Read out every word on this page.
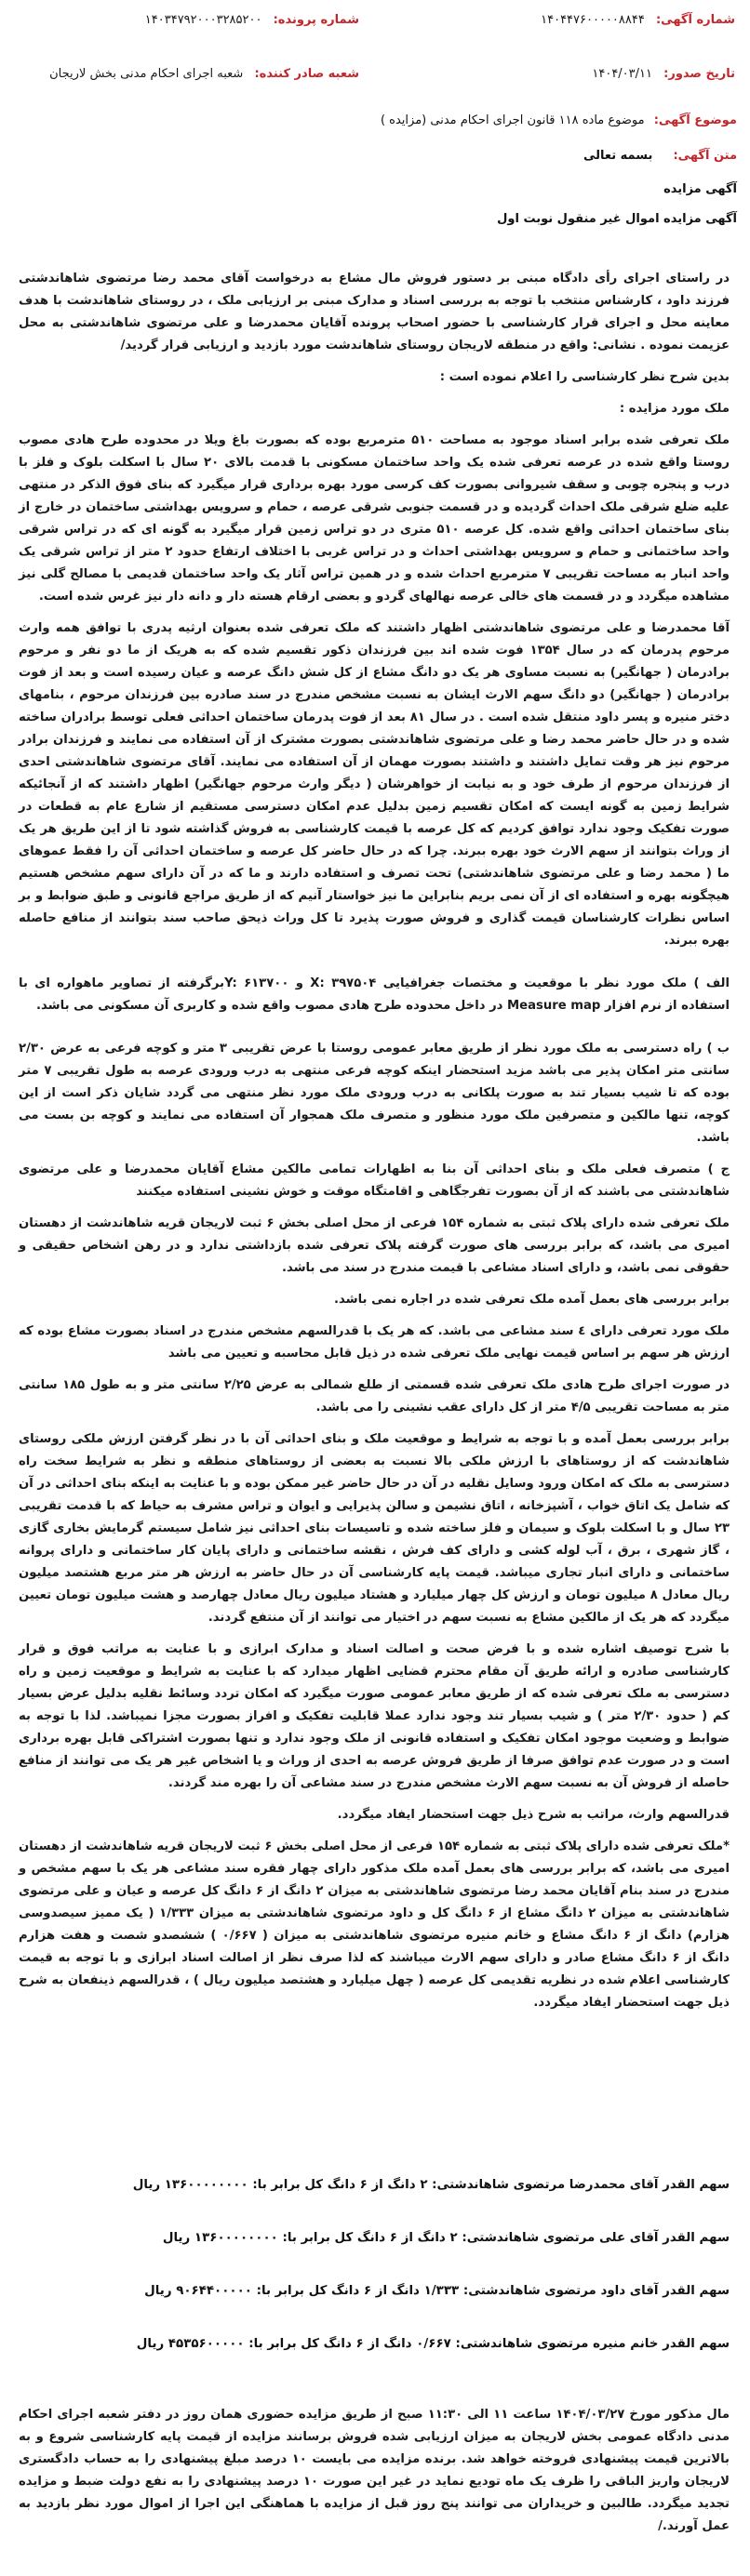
شماره آگهی: ۱۴۰۴۴۷۶۰۰۰۰۰۸۸۴۴
شماره پرونده: ۱۴۰۳۴۷۹۲۰۰۰۳۲۸۵۲۰۰
تاریخ صدور: ۱۴۰۴/۰۳/۱۱
شعبه صادر کننده: شعبه اجرای احکام مدنی بخش لاریجان
موضوع آگهی: موضوع ماده ۱۱۸ قانون اجرای احکام مدنی (مزایده )
متن آگهی: بسمه تعالی
آگهی مزایده
آگهی مزایده اموال غیر منقول نوبت اول

در راستای اجرای رأی دادگاه مبنی بر دستور فروش مال مشاع به درخواست آقای محمد رضا مرتضوی شاهاندشتی فرزند داود ، کارشناس منتخب با توجه به بررسی اسناد و مدارک مبنی بر ارزیابی ملک ، در روستای شاهاندشت با هدف معاینه محل و اجرای قرار کارشناسی با حضور اصحاب پرونده آقایان محمدرضا و علی مرتضوی شاهاندشتی به محل عزیمت نموده . نشانی: واقع در منطقه لاریجان روستای شاهاندشت مورد بازدید و ارزیابی قرار گردید/

بدین شرح نظر کارشناسی را اعلام نموده است :

ملک مورد مزایده :

ملک تعرفی شده برابر اسناد موجود به مساحت ۵۱۰ مترمربع بوده که بصورت باغ ویلا در محدوده طرح هادی مصوب روستا واقع شده در عرصه تعرفی شده یک واحد ساختمان مسکونی با قدمت بالای ۲۰ سال با اسکلت بلوک و فلز با درب و پنجره چوبی و سقف شیروانی بصورت کف کرسی مورد بهره برداری قرار میگیرد که بنای فوق الذکر در منتهی علیه ضلع شرقی ملک احداث گردیده و در قسمت جنوبی شرقی عرصه ، حمام و سرویس بهداشتی ساختمان در خارج از بنای ساختمان احداثی واقع شده. کل عرصه ۵۱۰ متری در دو تراس زمین قرار میگیرد به گونه ای که در تراس شرقی واحد ساختمانی و حمام و سرویس بهداشتی احداث و در تراس غربی با اختلاف ارتفاع حدود ۲ متر از تراس شرقی یک واحد انبار به مساحت تقریبی ۷ مترمربع احداث شده و در همین تراس آثار یک واحد ساختمان قدیمی با مصالح گلی نیز مشاهده میگردد و در قسمت های خالی عرصه نهالهای گردو و بعضی ارقام هسته دار و دانه دار نیز غرس شده است.

آقا محمدرضا و علی مرتضوی شاهاندشتی اظهار داشتند که ملک تعرفی شده بعنوان ارثیه پدری با توافق همه وارث مرحوم پدرمان که در سال ۱۳۵۴ فوت شده اند بین فرزندان ذکور تقسیم شده که به هریک از ما دو نفر و مرحوم برادرمان ( جهانگیر) به نسبت مساوی هر یک دو دانگ مشاع از کل شش دانگ عرصه و عیان رسیده است و بعد از فوت برادرمان ( جهانگیر) دو دانگ سهم الارث ایشان به نسبت مشخص مندرج در سند صادره بین فرزندان مرحوم ، بنامهای دختر منیره و پسر داود منتقل شده است . در سال ۸۱ بعد از فوت پدرمان ساختمان احداثی فعلی توسط برادران ساخته شده و در حال حاضر محمد رضا و علی مرتضوی شاهاندشتی بصورت مشترک از آن استفاده می نمایند و فرزندان برادر مرحوم نیز هر وقت تمایل داشتند و داشتند بصورت مهمان از آن استفاده می نمایند. آقای مرتضوی شاهاندشتی احدی از فرزندان مرحوم از طرف خود و به نیابت از خواهرشان ( دیگر وارث مرحوم جهانگیر) اظهار داشتند که از آنجائیکه شرایط زمین به گونه ایست که امکان تقسیم زمین بدلیل عدم امکان دسترسی مستقیم از شارع عام به قطعات در صورت تفکیک وجود ندارد توافق کردیم که کل عرصه با قیمت کارشناسی به فروش گذاشته شود تا از این طریق هر یک از وراث بتوانند از سهم الارث خود بهره ببرند. چرا که در حال حاضر کل عرصه و ساختمان احداثی آن را فقط عموهای ما ( محمد رضا و علی مرتضوی شاهاندشتی) تحت تصرف و استفاده دارند و ما که در آن دارای سهم مشخص هستیم هیچگونه بهره و استفاده ای از آن نمی بریم بنابراین ما نیز خواستار آنیم که از طریق مراجع قانونی و طبق ضوابط و بر اساس نظرات کارشناسان قیمت گذاری و فروش صورت پذیرد تا کل وراث ذیحق صاحب سند بتوانند از منافع حاصله بهره ببرند.

الف ) ملک مورد نظر با موقعیت و مختصات جغرافیایی X: ۳۹۷۵۰۴ و Y: ۶۱۳۷۰۰برگرفته از تصاویر ماهواره ای با استفاده از نرم افزار Measure map در داخل محدوده طرح هادی مصوب واقع شده و کاربری آن مسکونی می باشد.

ب ) راه دسترسی به ملک مورد نظر از طریق معابر عمومی روستا با عرض تقریبی ۳ متر و کوچه فرعی به عرض ۲/۳۰ سانتی متر امکان پذیر می باشد مزید استحضار اینکه کوچه فرعی منتهی به درب ورودی عرصه به طول تقریبی ۷ متر بوده که تا شیب بسیار تند به صورت پلکانی به درب ورودی ملک مورد نظر منتهی می گردد شایان ذکر است از این کوچه، تنها مالکین و متصرفین ملک مورد منظور و متصرف ملک همجوار آن استفاده می نمایند و کوچه بن بست می باشد.

ج ) متصرف فعلی ملک و بنای احداثی آن بنا به اظهارات تمامی مالکین مشاع آقایان محمدرضا و علی مرتضوی شاهاندشتی می باشند که از آن بصورت تفرجگاهی و اقامتگاه موقت و خوش نشینی استفاده میکنند

ملک تعرفی شده دارای پلاک ثبتی به شماره ۱۵۴ فرعی از محل اصلی بخش ۶ ثبت لاریجان قریه شاهاندشت از دهستان امیری می باشد، که برابر بررسی های صورت گرفته پلاک تعرفی شده بازداشتی ندارد و در رهن اشخاص حقیقی و حقوقی نمی باشد، و دارای اسناد مشاعی با قیمت مندرج در سند می باشد.

برابر بررسی های بعمل آمده ملک تعرفی شده در اجاره نمی باشد.

ملک مورد تعرفی دارای ٤ سند مشاعی می باشد. که هر یک با قدرالسهم مشخص مندرج در اسناد بصورت مشاع بوده که ارزش هر سهم بر اساس قیمت نهایی ملک تعرفی شده در ذیل قابل محاسبه و تعیین می باشد

در صورت اجرای طرح هادی ملک تعرفی شده قسمتی از طلع شمالی به عرض ۲/۲۵ سانتی متر و به طول ۱۸۵ سانتی متر به مساحت تقریبی ۴/۵ متر از کل دارای عقب نشینی را می باشد.

برابر بررسی بعمل آمده و با توجه به شرایط و موقعیت ملک و بنای احداثی آن با در نظر گرفتن ارزش ملکی روستای شاهاندشت که از روستاهای با ارزش ملکی بالا نسبت به بعضی از روستاهای منطقه و نظر به شرایط سخت راه دسترسی به ملک که امکان ورود وسایل نقلیه در آن در حال حاضر غیر ممکن بوده و با عنایت به اینکه بنای احداثی در آن که شامل یک اتاق خواب ، آشپزخانه ، اتاق نشیمن و سالن پذیرایی و ایوان و تراس مشرف به حیاط که با قدمت تقریبی ۲۳ سال و با اسکلت بلوک و سیمان و فلز ساخته شده و تاسیسات بنای احداثی نیز شامل سیستم گرمایش بخاری گازی ، گاز شهری ، برق ، آب لوله کشی و دارای کف فرش ، نقشه ساختمانی و دارای پایان کار ساختمانی و دارای پروانه ساختمانی و دارای انبار تجاری میباشد. قیمت پایه کارشناسی آن در حال حاضر به ارزش هر متر مربع هشتصد میلیون ریال معادل ۸ میلیون تومان و ارزش کل چهار میلیارد و هشتاد میلیون ریال معادل چهارصد و هشت میلیون تومان تعیین میگردد که هر یک از مالکین مشاع به نسبت سهم در اختیار می توانند از آن منتفع گردند.

با شرح توصیف اشاره شده و با فرض صحت و اصالت اسناد و مدارک ابرازی و با عنایت به مراتب فوق و قرار کارشناسی صادره و ارائه طریق آن مقام محترم قضایی اظهار میدارد که با عنایت به شرایط و موقعیت زمین و راه دسترسی به ملک تعرفی شده که از طریق معابر عمومی صورت میگیرد که امکان تردد وسائط نقلیه بدلیل عرض بسیار کم ( حدود ۲/۳۰ متر ) و شیب بسیار تند وجود ندارد عملا قابلیت تفکیک و افراز بصورت مجزا نمیباشد. لذا با توجه به ضوابط و وضعیت موجود امکان تفکیک و استفاده قانونی از ملک وجود ندارد و تنها بصورت اشتراکی قابل بهره برداری است و در صورت عدم توافق صرفا از طریق فروش عرصه به احدی از وراث و یا اشخاص غیر هر یک می توانند از منافع حاصله از فروش آن به نسبت سهم الارث مشخص مندرج در سند مشاعی آن را بهره مند گردند.

قدرالسهم وارث، مراتب به شرح ذیل جهت استحضار ایفاد میگردد.

*ملک تعرفی شده دارای پلاک ثبتی به شماره ۱۵۴ فرعی از محل اصلی بخش ۶ ثبت لاریجان قریه شاهاندشت از دهستان امیری می باشد، که برابر بررسی های بعمل آمده ملک مذکور دارای چهار فقره سند مشاعی هر یک با سهم مشخص و مندرج در سند بنام آقایان محمد رضا مرتضوی شاهاندشتی به میزان ۲ دانگ از ۶ دانگ کل عرصه و عیان و علی مرتضوی شاهاندشتی به میزان ۲ دانگ مشاع از ۶ دانگ کل و داود مرتضوی شاهاندشتی به میزان ۱/۳۳۳ ( یک ممیز سیصدوسی هزارم) دانگ از ۶ دانگ مشاع و خانم منیره مرتضوی شاهاندشتی به میزان ( ۰/۶۶۷ ) ششصدو شصت و هفت هزارم دانگ از ۶ دانگ مشاع صادر و دارای سهم الارث میباشند که لذا صرف نظر از اصالت اسناد ابرازی و با توجه به قیمت کارشناسی اعلام شده در نظریه تقدیمی کل عرصه ( چهل میلیارد و هشتصد میلیون ریال ) ، قدرالسهم ذینفعان به شرح ذیل جهت استحضار ایفاد میگردد.

سهم القدر آقای محمدرضا مرتضوی شاهاندشتی: ۲ دانگ از ۶ دانگ کل برابر با: ۱۳۶۰۰۰۰۰۰۰۰ ریال
سهم القدر آقای علی مرتضوی شاهاندشتی: ۲ دانگ از ۶ دانگ کل برابر با: ۱۳۶۰۰۰۰۰۰۰۰ ریال
سهم القدر آقای داود مرتضوی شاهاندشتی: ۱/۳۳۳ دانگ از ۶ دانگ کل برابر با: ۹۰۶۴۴۰۰۰۰۰ ریال
سهم القدر خانم منیره مرتضوی شاهاندشتی: ۰/۶۶۷ دانگ از ۶ دانگ کل برابر با: ۴۵۳۵۶۰۰۰۰۰ ریال
مال مذکور مورخ ۱۴۰۴/۰۳/۲۷ ساعت ۱۱ الی ۱۱:۳۰ صبح از طریق مزایده حضوری همان روز در دفتر شعبه اجرای احکام مدنی دادگاه عمومی بخش لاریجان به میزان ارزیابی شده فروش برسانند مزایده از قیمت پایه کارشناسی شروع و به بالاترین قیمت پیشنهادی فروخته خواهد شد. برنده مزایده می بایست ۱۰ درصد مبلغ پیشنهادی را به حساب دادگستری لاریجان واریز الباقی را ظرف یک ماه تودیع نماید در غیر این صورت ۱۰ درصد پیشنهادی را به نفع دولت ضبط و مزایده تجدید میگردد. طالبین و خریداران می توانند پنج روز قبل از مزایده با هماهنگی این اجرا از اموال مورد نظر بازدید به عمل آورند./
